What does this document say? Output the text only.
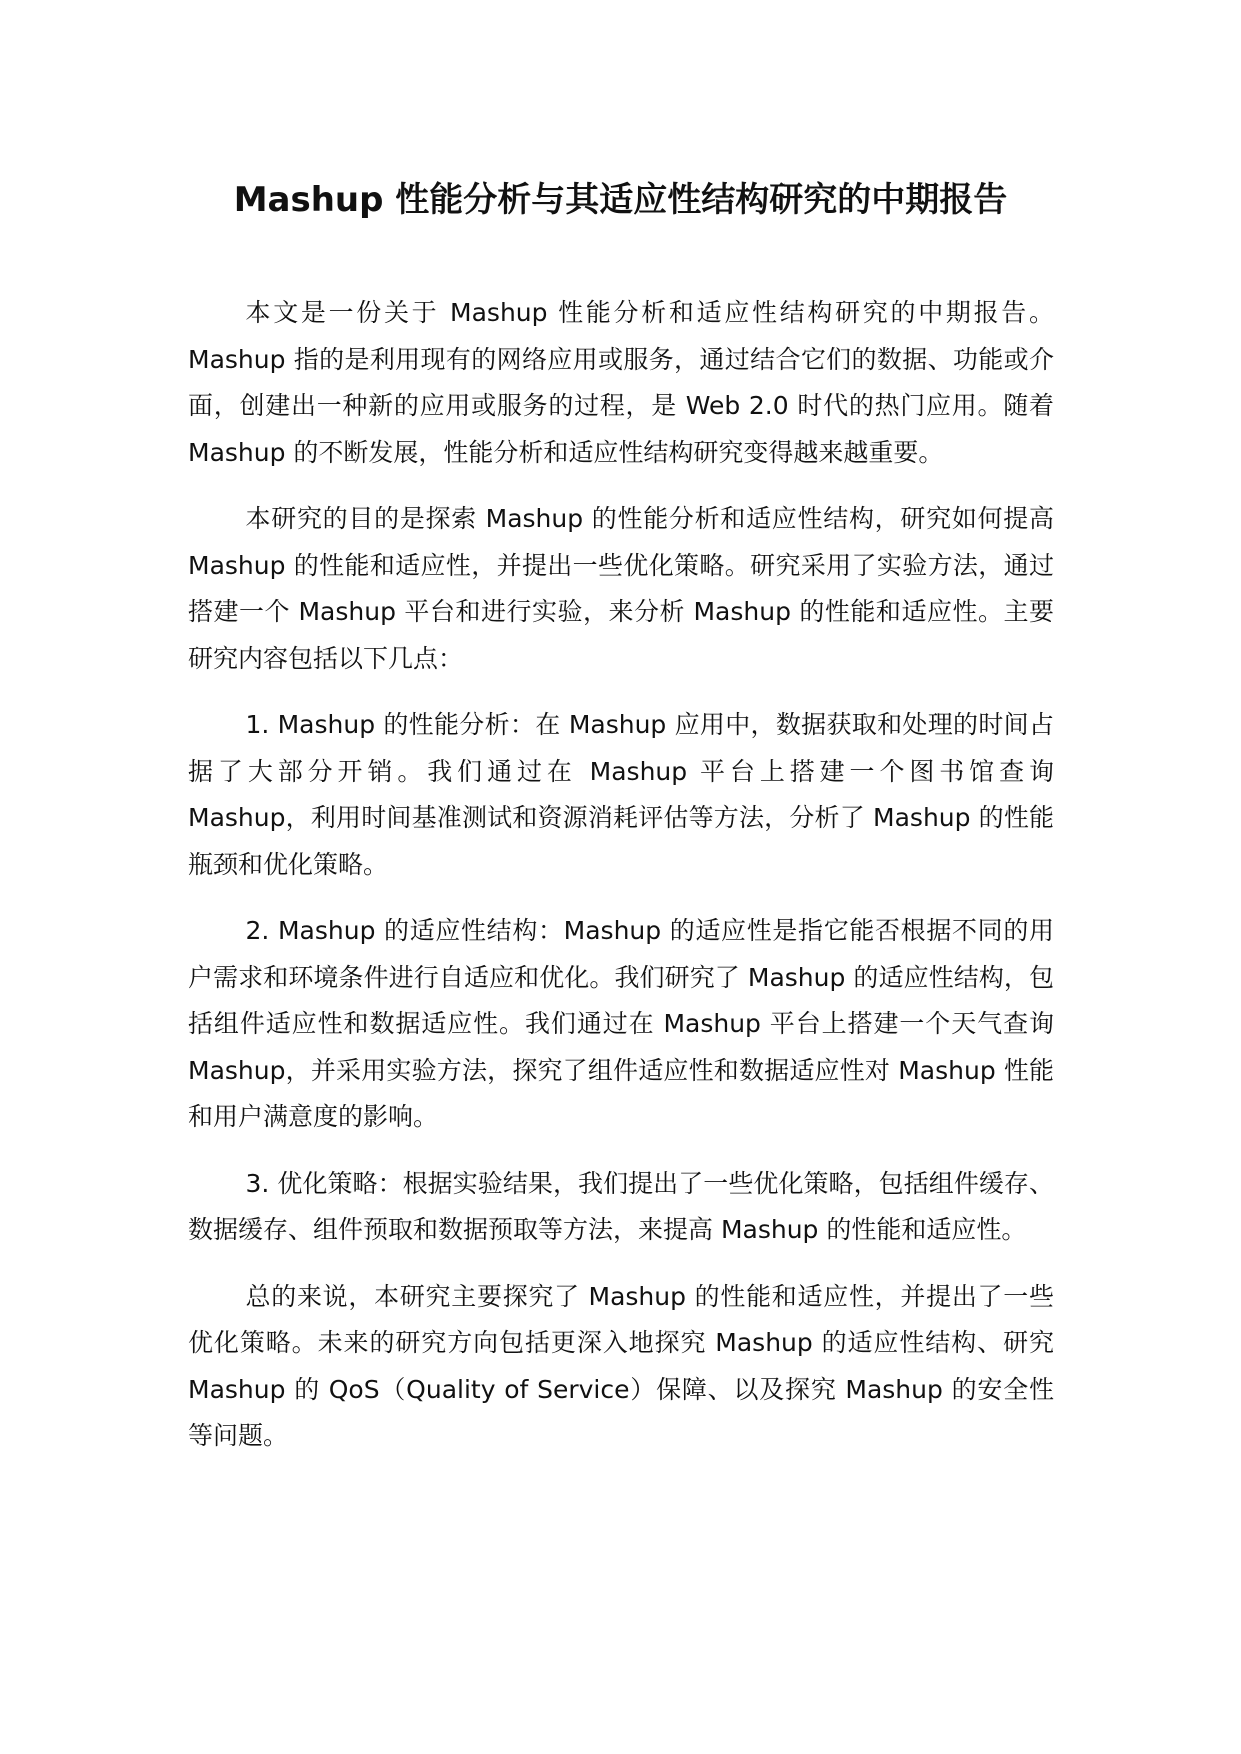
Mashup 性能分析与其适应性结构研究的中期报告

本文是一份关于 Mashup 性能分析和适应性结构研究的中期报告。Mashup 指的是利用现有的网络应用或服务，通过结合它们的数据、功能或介面，创建出一种新的应用或服务的过程，是 Web 2.0 时代的热门应用。随着 Mashup 的不断发展，性能分析和适应性结构研究变得越来越重要。

本研究的目的是探索 Mashup 的性能分析和适应性结构，研究如何提高 Mashup 的性能和适应性，并提出一些优化策略。研究采用了实验方法，通过搭建一个 Mashup 平台和进行实验，来分析 Mashup 的性能和适应性。主要研究内容包括以下几点：

1. Mashup 的性能分析：在 Mashup 应用中，数据获取和处理的时间占据了大部分开销。我们通过在 Mashup 平台上搭建一个图书馆查询 Mashup，利用时间基准测试和资源消耗评估等方法，分析了 Mashup 的性能瓶颈和优化策略。

2. Mashup 的适应性结构：Mashup 的适应性是指它能否根据不同的用户需求和环境条件进行自适应和优化。我们研究了 Mashup 的适应性结构，包括组件适应性和数据适应性。我们通过在 Mashup 平台上搭建一个天气查询 Mashup，并采用实验方法，探究了组件适应性和数据适应性对 Mashup 性能和用户满意度的影响。

3. 优化策略：根据实验结果，我们提出了一些优化策略，包括组件缓存、数据缓存、组件预取和数据预取等方法，来提高 Mashup 的性能和适应性。

总的来说，本研究主要探究了 Mashup 的性能和适应性，并提出了一些优化策略。未来的研究方向包括更深入地探究 Mashup 的适应性结构、研究 Mashup 的 QoS（Quality of Service）保障、以及探究 Mashup 的安全性等问题。
